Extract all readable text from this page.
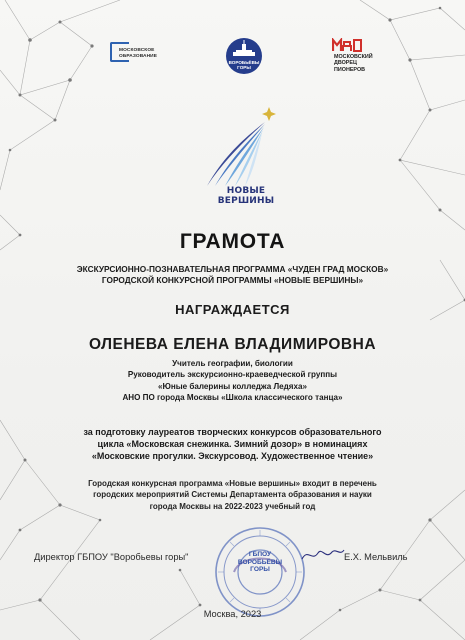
МОСКОВСКОЕ
ОБРАЗОВАНИЕ
ВОРОБЬЁВЫ
ГОРЫ
МОСКОВСКИЙ
ДВОРЕЦ
ПИОНЕРОВ
НОВЫЕ
ВЕРШИНЫ
ГРАМОТА
ЭКСКУРСИОННО-ПОЗНАВАТЕЛЬНАЯ ПРОГРАММА «ЧУДЕН ГРАД МОСКОВ»
ГОРОДСКОЙ КОНКУРСНОЙ ПРОГРАММЫ «НОВЫЕ ВЕРШИНЫ»
НАГРАЖДАЕТСЯ
ОЛЕНЕВА ЕЛЕНА ВЛАДИМИРОВНА
Учитель географии, биологии
Руководитель экскурсионно-краеведческой группы
«Юные балерины колледжа Ледяха»
АНО ПО города Москвы «Школа классического танца»
за подготовку лауреатов творческих конкурсов образовательного
цикла «Московская снежинка. Зимний дозор» в номинациях
«Московские прогулки. Экскурсовод. Художественное чтение»
Городская конкурсная программа «Новые вершины» входит в перечень
городских мероприятий Системы Департамента образования и науки
города Москвы на 2022-2023 учебный год
ГБПОУ
ВОРОБЬЁВЫ
ГОРЫ
Директор ГБПОУ "Воробьевы горы"	Е.Х. Мельвиль
Москва, 2023
